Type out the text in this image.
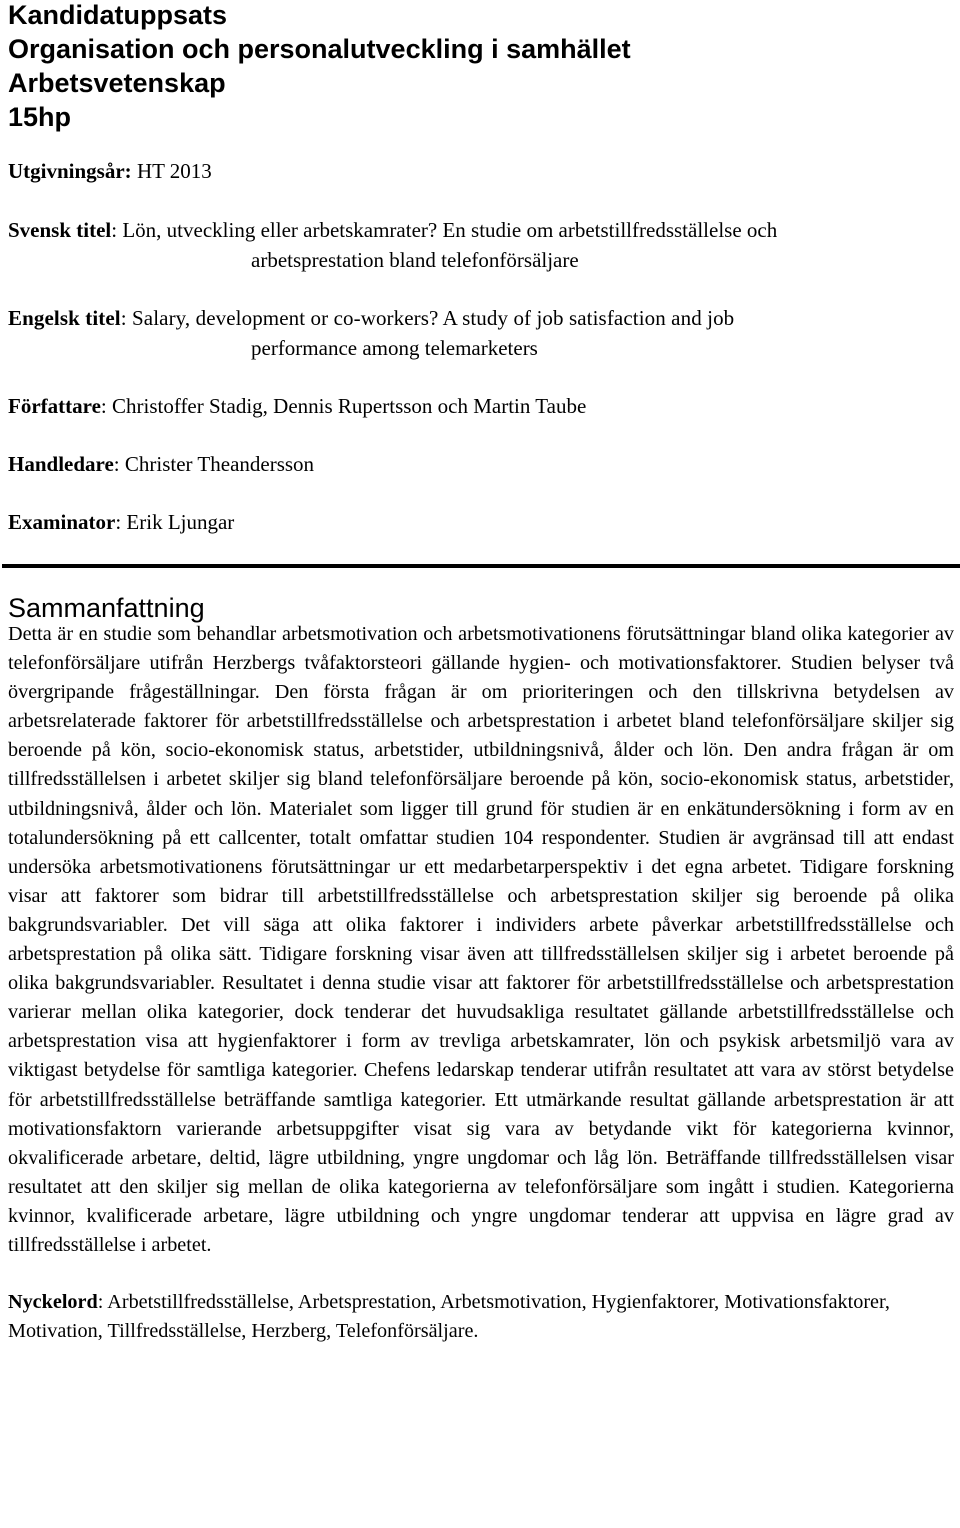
Kandidatuppsats

Organisation och personalutveckling i samhället

Arbetsvetenskap

15hp

Utgivningsår: HT 2013

Svensk titel: Lön, utveckling eller arbetskamrater? En studie om arbetstillfredsställelse och

arbetsprestation bland telefonförsäljare

Engelsk titel: Salary, development or co-workers? A study of job satisfaction and job

performance among telemarketers

Författare: Christoffer Stadig, Dennis Rupertsson och Martin Taube

Handledare: Christer Theandersson

Examinator: Erik Ljungar

Sammanfattning

Detta är en studie som behandlar arbetsmotivation och arbetsmotivationens förutsättningar bland olika kategorier av telefonförsäljare utifrån Herzbergs tvåfaktorsteori gällande hygien- och motivationsfaktorer. Studien belyser två övergripande frågeställningar. Den första frågan är om prioriteringen och den tillskrivna betydelsen av arbetsrelaterade faktorer för arbetstillfredsställelse och arbetsprestation i arbetet bland telefonförsäljare skiljer sig beroende på kön, socio-ekonomisk status, arbetstider, utbildningsnivå, ålder och lön. Den andra frågan är om tillfredsställelsen i arbetet skiljer sig bland telefonförsäljare beroende på kön, socio-ekonomisk status, arbetstider, utbildningsnivå, ålder och lön. Materialet som ligger till grund för studien är en enkätundersökning i form av en totalundersökning på ett callcenter, totalt omfattar studien 104 respondenter. Studien är avgränsad till att endast undersöka arbetsmotivationens förutsättningar ur ett medarbetarperspektiv i det egna arbetet. Tidigare forskning visar att faktorer som bidrar till arbetstillfredsställelse och arbetsprestation skiljer sig beroende på olika bakgrundsvariabler. Det vill säga att olika faktorer i individers arbete påverkar arbetstillfredsställelse och arbetsprestation på olika sätt. Tidigare forskning visar även att tillfredsställelsen skiljer sig i arbetet beroende på olika bakgrundsvariabler. Resultatet i denna studie visar att faktorer för arbetstillfredsställelse och arbetsprestation varierar mellan olika kategorier, dock tenderar det huvudsakliga resultatet gällande arbetstillfredsställelse och arbetsprestation visa att hygienfaktorer i form av trevliga arbetskamrater, lön och psykisk arbetsmiljö vara av viktigast betydelse för samtliga kategorier. Chefens ledarskap tenderar utifrån resultatet att vara av störst betydelse för arbetstillfredsställelse beträffande samtliga kategorier. Ett utmärkande resultat gällande arbetsprestation är att motivationsfaktorn varierande arbetsuppgifter visat sig vara av betydande vikt för kategorierna kvinnor, okvalificerade arbetare, deltid, lägre utbildning, yngre ungdomar och låg lön. Beträffande tillfredsställelsen visar resultatet att den skiljer sig mellan de olika kategorierna av telefonförsäljare som ingått i studien. Kategorierna kvinnor, kvalificerade arbetare, lägre utbildning och yngre ungdomar tenderar att uppvisa en lägre grad av tillfredsställelse i arbetet.

Nyckelord: Arbetstillfredsställelse, Arbetsprestation, Arbetsmotivation, Hygienfaktorer, Motivationsfaktorer, Motivation, Tillfredsställelse, Herzberg, Telefonförsäljare.
